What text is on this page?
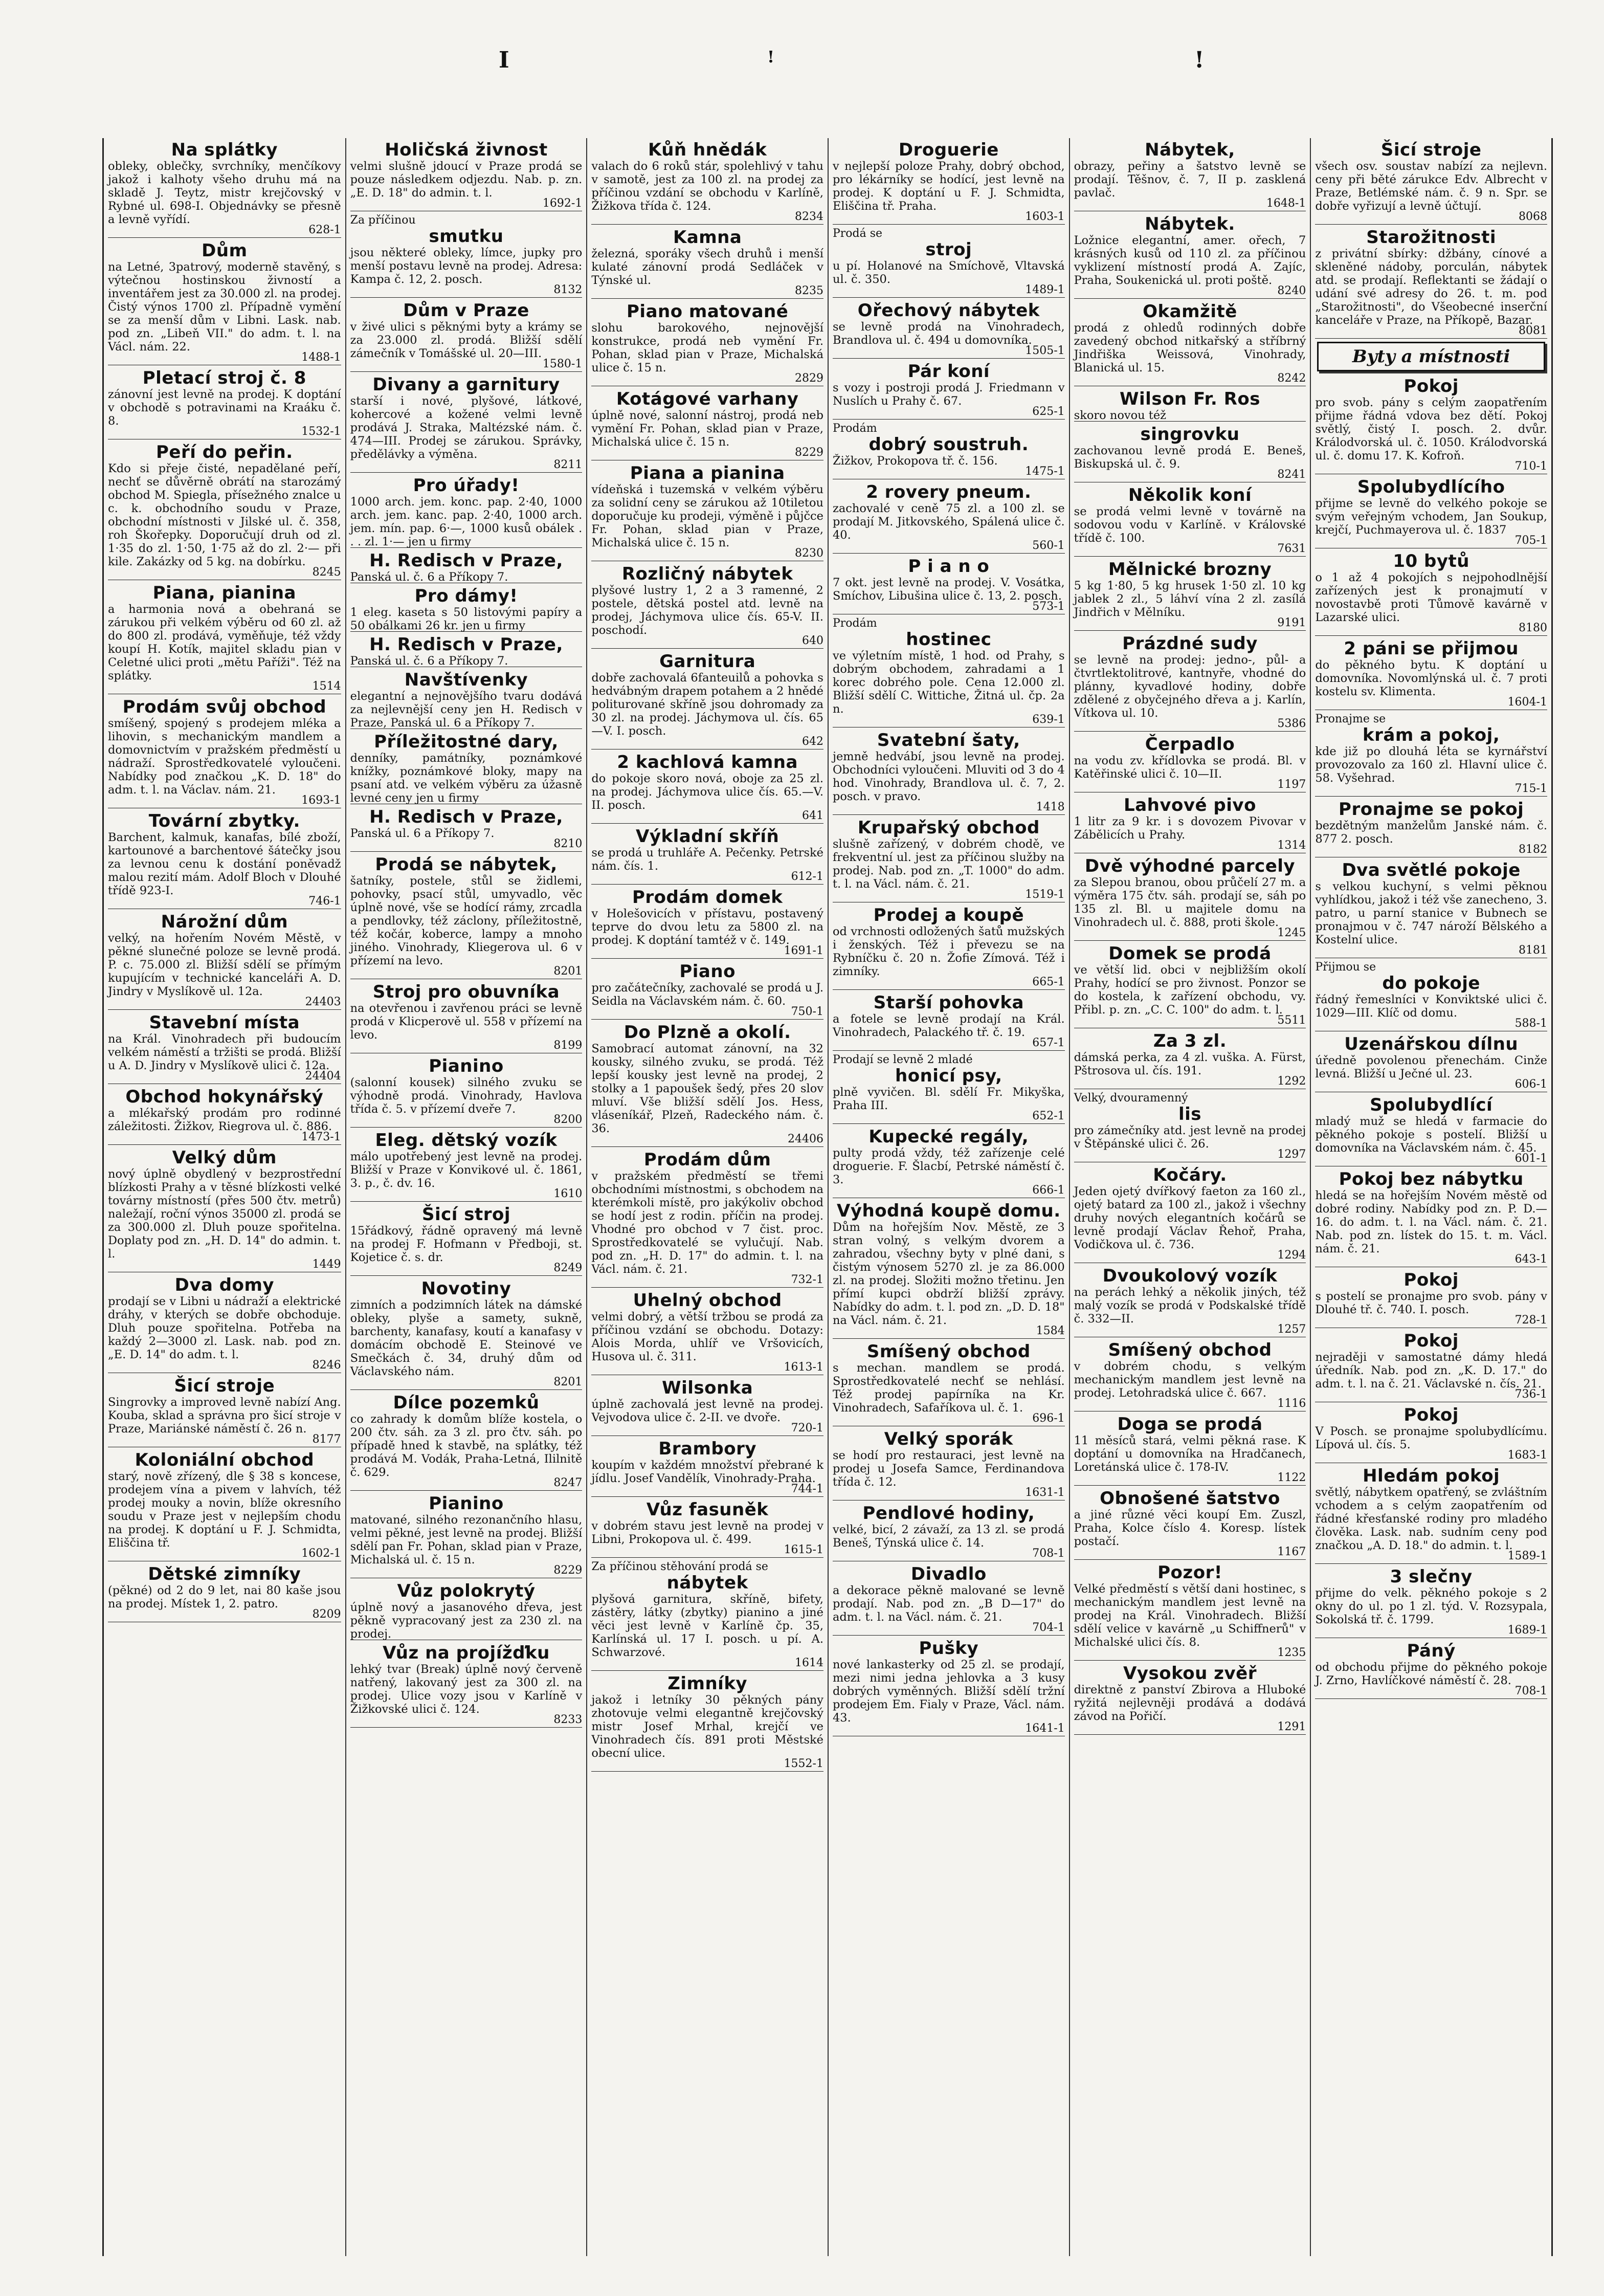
I	!	!
Na splátky
obleky, oblečky, svrchníky, menčíkovy jakož i kalhoty všeho druhu má na skladě J. Teytz, mistr krejčovský v Rybné ul. 698-I. Objednávky se přesně a levně vyřídí.
628-1
Dům
na Letné, 3patrový, moderně stavěný, s výtečnou hostinskou živností a inventářem jest za 30.000 zl. na prodej. Čistý výnos 1700 zl. Případně vymění se za menší dům v Libni. Lask. nab. pod zn. „Libeň VII." do adm. t. l. na Václ. nám. 22.
1488-1
Pletací stroj č. 8
zánovní jest levně na prodej. K doptání v obchodě s potravinami na Kraáku č. 8.
1532-1
Peří do peřin.
Kdo si přeje čisté, nepadělané peří, nechť se důvěrně obrátí na starozámý obchod M. Spiegla, přísežného znalce u c. k. obchodního soudu v Praze, obchodní místnosti v Jilské ul. č. 358, roh Škořepky. Doporučují druh od zl. 1·35 do zl. 1·50, 1·75 až do zl. 2·— při kile. Zakázky od 5 kg. na dobírku.
8245
Piana, pianina
a harmonia nová a obehraná se zárukou při velkém výběru od 60 zl. až do 800 zl. prodává, vyměňuje, též vždy koupí H. Kotík, majitel skladu pian v Celetné ulici proti „mětu Paříži". Též na splátky.
1514
Prodám svůj obchod
smíšený, spojený s prodejem mléka a lihovin, s mechanickým mandlem a domovnictvím v pražském předměstí u nádraží. Sprostředkovatelé vyloučeni. Nabídky pod značkou „K. D. 18" do adm. t. l. na Václav. nám. 21.
1693-1
Tovární zbytky.
Barchent, kalmuk, kanafas, bílé zboží, kartounové a barchentové šátečky jsou za levnou cenu k dostání poněvadž malou rezití mám. Adolf Bloch v Dlouhé třídě 923-I.
746-1
Nárožní dům
velký, na hořením Novém Městě, v pěkné slunečné poloze se levně prodá. P. c. 75.000 zl. Bližší sdělí se přímým kupujícím v technické kanceláři A. D. Jindry v Myslíkově ul. 12a.
24403
Stavební místa
na Král. Vinohradech při budoucím velkém náměstí a tržišti se prodá. Bližší u A. D. Jindry v Myslíkově ulici č. 12a.
24404
Obchod hokynářský
a mlékařský prodám pro rodinné záležitosti. Žižkov, Riegrova ul. č. 886.
1473-1
Velký dům
nový úplně obydlený v bezprostřední blízkosti Prahy a v těsné blízkosti velké továrny místností (přes 500 čtv. metrů) naležají, roční výnos 35000 zl. prodá se za 300.000 zl. Dluh pouze spořitelna. Doplaty pod zn. „H. D. 14" do admin. t. l.
1449
Dva domy
prodají se v Libni u nádraží a elektrické dráhy, v kterých se dobře obchoduje. Dluh pouze spořitelna. Potřeba na každý 2—3000 zl. Lask. nab. pod zn. „E. D. 14" do adm. t. l.
8246
Šicí stroje
Singrovky a improved levně nabízí Ang. Kouba, sklad a správna pro šicí stroje v Praze, Mariánské náměstí č. 26 n.
8177
Koloniální obchod
starý, nově zřízený, dle § 38 s koncese, prodejem vína a pivem v lahvích, též prodej mouky a novin, blíže okresního soudu v Praze jest v nejlepším chodu na prodej. K doptání u F. J. Schmidta, Eliščina tř.
1602-1
Dětské zimníky
(pěkné) od 2 do 9 let, nai 80 kaše jsou na prodej. Místek 1, 2. patro.
8209
Holičská živnost
velmi slušně jdoucí v Praze prodá se pouze následkem odjezdu. Nab. p. zn. „E. D. 18" do admin. t. l.
1692-1
Za příčinou
smutku
jsou některé obleky, límce, jupky pro menší postavu levně na prodej. Adresa: Kampa č. 12, 2. posch.
8132
Dům v Praze
v živé ulici s pěknými byty a krámy se za 23.000 zl. prodá. Bližší sdělí zámečník v Tomášské ul. 20—III.
1580-1
Divany a garnitury
starší i nové, plyšové, látkové, kohercové a kožené velmi levně prodává J. Straka, Maltézské nám. č. 474—III. Prodej se zárukou. Správky, předělávky a výměna.
8211
Pro úřady!
1000 arch. jem. konc. pap. 2·40, 1000 arch. jem. kanc. pap. 2·40, 1000 arch. jem. mín. pap. 6·—, 1000 kusů obálek . . . zl. 1·— jen u firmy
H. Redisch v Praze,
Panská ul. č. 6 a Příkopy 7.
Pro dámy!
1 eleg. kaseta s 50 listovými papíry a 50 obálkami 26 kr. jen u firmy
H. Redisch v Praze,
Panská ul. č. 6 a Příkopy 7.
Navštívenky
elegantní a nejnovějšího tvaru dodává za nejlevnější ceny jen H. Redisch v Praze, Panská ul. 6 a Příkopy 7.
Příležitostné dary,
denníky, památníky, poznámkové knížky, poznámkové bloky, mapy na psaní atd. ve velkém výběru za úžasně levné ceny jen u firmy
H. Redisch v Praze,
Panská ul. 6 a Příkopy 7.
8210
Prodá se nábytek,
šatníky, postele, stůl se židlemi, pohovky, psací stůl, umyvadlo, věc úplně nové, vše se hodící rámy, zrcadla a pendlovky, též záclony, příležitostně, též kočár, koberce, lampy a mnoho jiného. Vinohrady, Kliegerova ul. 6 v přízemí na levo.
8201
Stroj pro obuvníka
na otevřenou i zavřenou práci se levně prodá v Klicperově ul. 558 v přízemí na levo.
8199
Pianino
(salonní kousek) silného zvuku se výhodně prodá. Vinohrady, Havlova třída č. 5. v přízemí dveře 7.
8200
Eleg. dětský vozík
málo upotřebený jest levně na prodej. Bližší v Praze v Konvikové ul. č. 1861, 3. p., č. dv. 16.
1610
Šicí stroj
15řádkový, řádně opravený má levně na prodej F. Hofmann v Předboji, st. Kojetice č. s. dr.
8249
Novotiny
zimních a podzimních látek na dámské obleky, plyše a samety, sukně, barchenty, kanafasy, koutí a kanafasy v domácím obchodě E. Steinové ve Smečkách č. 34, druhý dům od Václavského nám.
8201
Dílce pozemků
co zahrady k domům blíže kostela, o 200 čtv. sáh. za 3 zl. pro čtv. sáh. po případě hned k stavbě, na splátky, též prodává M. Vodák, Praha-Letná, Ililnitě č. 629.
8247
Pianino
matované, silného rezonančního hlasu, velmi pěkné, jest levně na prodej. Bližší sdělí pan Fr. Pohan, sklad pian v Praze, Michalská ul. č. 15 n.
8229
Vůz polokrytý
úplně nový a jasanového dřeva, jest pěkně vypracovaný jest za 230 zl. na prodej.
Vůz na projížďku
lehký tvar (Break) úplně nový červeně natřený, lakovaný jest za 300 zl. na prodej. Ulice vozy jsou v Karlíně v Žižkovské ulici č. 124.
8233
Kůň hnědák
valach do 6 roků stár, spolehlivý v tahu v samotě, jest za 100 zl. na prodej za příčinou vzdání se obchodu v Karlíně, Žižkova třída č. 124.
8234
Kamna
železná, sporáky všech druhů i menší kulaté zánovní prodá Sedláček v Týnské ul.
8235
Piano matované
slohu barokového, nejnovější konstrukce, prodá neb vymění Fr. Pohan, sklad pian v Praze, Michalská ulice č. 15 n.
2829
Kotágové varhany
úplně nové, salonní nástroj, prodá neb vymění Fr. Pohan, sklad pian v Praze, Michalská ulice č. 15 n.
8229
Piana a pianina
vídeňská i tuzemská v velkém výběru za solidní ceny se zárukou až 10tiletou doporučuje ku prodeji, výměně i půjčce Fr. Pohan, sklad pian v Praze, Michalská ulice č. 15 n.
8230
Rozličný nábytek
plyšové lustry 1, 2 a 3 ramenné, 2 postele, dětská postel atd. levně na prodej, Jáchymova ulice čís. 65-V. II. poschodí.
640
Garnitura
dobře zachovalá 6fanteuilů a pohovka s hedvábným drapem potahem a 2 hnědé politurované skříně jsou dohromady za 30 zl. na prodej. Jáchymova ul. čís. 65—V. I. posch.
642
2 kachlová kamna
do pokoje skoro nová, oboje za 25 zl. na prodej. Jáchymova ulice čís. 65.—V. II. posch.
641
Výkladní skříň
se prodá u truhláře A. Pečenky. Petrské nám. čís. 1.
612-1
Prodám domek
v Holešovicích v přístavu, postavený teprve do dvou letu za 5800 zl. na prodej. K doptání tamtéž v č. 149.
1691-1
Piano
pro začátečníky, zachovalé se prodá u J. Seidla na Václavském nám. č. 60.
750-1
Do Plzně a okolí.
Samobrací automat zánovní, na 32 kousky, silného zvuku, se prodá. Též lepší kousky jest levně na prodej, 2 stolky a 1 papoušek šedý, přes 20 slov mluví. Vše bližší sdělí Jos. Hess, vláseníkář, Plzeň, Radeckého nám. č. 36.
24406
Prodám dům
v pražském předměstí se třemi obchodními místnostmi, s obchodem na kterémkoli místě, pro jakýkoliv obchod se hodí jest z rodin. příčin na prodej. Vhodné pro obchod v 7 čist. proc. Sprostředkovatelé se vylučují. Nab. pod zn. „H. D. 17" do admin. t. l. na Václ. nám. č. 21.
732-1
Uhelný obchod
velmi dobrý, a větší tržbou se prodá za příčinou vzdání se obchodu. Dotazy: Alois Morda, uhlíř ve Vršovicích, Husova ul. č. 311.
1613-1
Wilsonka
úplně zachovalá jest levně na prodej. Vejvodova ulice č. 2-II. ve dvoře.
720-1
Brambory
koupím v každém množství přebrané k jídlu. Josef Vandělík, Vinohrady-Praha.
744-1
Vůz fasuněk
v dobrém stavu jest levně na prodej v Libni, Prokopova ul. č. 499.
1615-1
Za příčinou stěhování prodá se
nábytek
plyšová garnitura, skříně, bifety, zástěry, látky (zbytky) pianino a jiné věci jest levně v Karlíně čp. 35, Karlínská ul. 17 I. posch. u pí. A. Schwarzové.
1614
Zimníky
jakož i letníky 30 pěkných pány zhotovuje velmi elegantně krejčovský mistr Josef Mrhal, krejčí ve Vinohradech čís. 891 proti Městské obecní ulice.
1552-1
Droguerie
v nejlepší poloze Prahy, dobrý obchod, pro lékárníky se hodící, jest levně na prodej. K doptání u F. J. Schmidta, Eliščina tř. Praha.
1603-1
Prodá se
stroj
u pí. Holanové na Smíchově, Vltavská ul. č. 350.
1489-1
Ořechový nábytek
se levně prodá na Vinohradech, Brandlova ul. č. 494 u domovníka.
1505-1
Pár koní
s vozy i postroji prodá J. Friedmann v Nuslích u Prahy č. 67.
625-1
Prodám
dobrý soustruh.
Žižkov, Prokopova tř. č. 156.
1475-1
2 rovery pneum.
zachovalé v ceně 75 zl. a 100 zl. se prodají M. Jitkovského, Spálená ulice č. 40.
560-1
P i a n o
7 okt. jest levně na prodej. V. Vosátka, Smíchov, Libušina ulice č. 13, 2. posch.
573-1
Prodám
hostinec
ve výletním místě, 1 hod. od Prahy, s dobrým obchodem, zahradami a 1 korec dobrého pole. Cena 12.000 zl. Bližší sdělí C. Wittiche, Žitná ul. čp. 2a n.
639-1
Svatební šaty,
jemně hedvábí, jsou levně na prodej. Obchodníci vyloučeni. Mluviti od 3 do 4 hod. Vinohrady, Brandlova ul. č. 7, 2. posch. v pravo.
1418
Krupařský obchod
slušně zařízený, v dobrém chodě, ve frekventní ul. jest za příčinou služby na prodej. Nab. pod zn. „T. 1000" do adm. t. l. na Václ. nám. č. 21.
1519-1
Prodej a koupě
od vrchnosti odložených šatů mužských i ženských. Též i převezu se na Rybníčku č. 20 n. Žofie Zímová. Též i zimníky.
665-1
Starší pohovka
a fotele se levně prodají na Král. Vinohradech, Palackého tř. č. 19.
657-1
Prodají se levně 2 mladé
honicí psy,
plně vyvičen. Bl. sdělí Fr. Mikyška, Praha III.
652-1
Kupecké regály,
pulty prodá vždy, též zařízenje celé droguerie. F. Šlacbí, Petrské náměstí č. 3.
666-1
Výhodná koupě domu.
Dům na hořejším Nov. Městě, ze 3 stran volný, s velkým dvorem a zahradou, všechny byty v plné dani, s čistým výnosem 5270 zl. je za 86.000 zl. na prodej. Složiti možno třetinu. Jen přímí kupci obdrží bližší zprávy. Nabídky do adm. t. l. pod zn. „D. D. 18" na Václ. nám. č. 21.
1584
Smíšený obchod
s mechan. mandlem se prodá. Sprostředkovatelé nechť se nehlásí. Též prodej papírníka na Kr. Vinohradech, Safaříkova ul. č. 1.
696-1
Velký sporák
se hodí pro restauraci, jest levně na prodej u Josefa Samce, Ferdinandova třída č. 12.
1631-1
Pendlové hodiny,
velké, bicí, 2 závaží, za 13 zl. se prodá Beneš, Týnská ulice č. 14.
708-1
Divadlo
a dekorace pěkně malované se levně prodají. Nab. pod zn. „B D—17" do adm. t. l. na Václ. nám. č. 21.
704-1
Pušky
nové lankasterky od 25 zl. se prodají, mezi nimi jedna jehlovka a 3 kusy dobrých vyměnných. Bližší sdělí tržní prodejem Em. Fialy v Praze, Václ. nám. 43.
1641-1
Nábytek,
obrazy, peřiny a šatstvo levně se prodají. Těšnov, č. 7, II p. zasklená pavlač.
1648-1
Nábytek.
Ložnice elegantní, amer. ořech, 7 krásných kusů od 110 zl. za příčinou vyklizení místností prodá A. Zajíc, Praha, Soukenická ul. proti poště.
8240
Okamžitě
prodá z ohledů rodinných dobře zavedený obchod nitkařský a stříbrný Jindřiška Weissová, Vinohrady, Blanická ul. 15.
8242
Wilson Fr. Ros
skoro novou též
singrovku
zachovanou levně prodá E. Beneš, Biskupská ul. č. 9.
8241
Několik koní
se prodá velmi levně v továrně na sodovou vodu v Karlíně. v Královské třídě č. 100.
7631
Mělnické brozny
5 kg 1·80, 5 kg hrusek 1·50 zl. 10 kg jablek 2 zl., 5 láhví vína 2 zl. zasílá Jindřich v Mělníku.
9191
Prázdné sudy
se levně na prodej: jedno-, půl- a čtvrtlektolitrové, kantnyře, vhodné do plánny, kyvadlové hodiny, dobře zdělené z obyčejného dřeva a j. Karlín, Vítkova ul. 10.
5386
Čerpadlo
na vodu zv. křídlovka se prodá. Bl. v Katěřinské ulici č. 10—II.
1197
Lahvové pivo
1 litr za 9 kr. i s dovozem Pivovar v Zábělicích u Prahy.
1314
Dvě výhodné parcely
za Slepou branou, obou průčelí 27 m. a výměra 175 čtv. sáh. prodají se, sáh po 135 zl. Bl. u majitele domu na Vinohradech ul. č. 888, proti škole.
1245
Domek se prodá
ve větší lid. obci v nejbližším okolí Prahy, hodící se pro živnost. Ponzor se do kostela, k zařízení obchodu, vy. Přibl. p. zn. „C. C. 100" do adm. t. l.
5511
Za 3 zl.
dámská perka, za 4 zl. vuška. A. Fürst, Pštrosova ul. čís. 191.
1292
Velký, dvouramenný
lis
pro zámečníky atd. jest levně na prodej v Štěpánské ulici č. 26.
1297
Kočáry.
Jeden ojetý dvířkový faeton za 160 zl., ojetý batard za 100 zl., jakož i všechny druhy nových elegantních kočárů se levně prodají Václav Řehoř, Praha, Vodičkova ul. č. 736.
1294
Dvoukolový vozík
na perách lehký a několik jiných, též malý vozík se prodá v Podskalské třídě č. 332—II.
1257
Smíšený obchod
v dobrém chodu, s velkým mechanickým mandlem jest levně na prodej. Letohradská ulice č. 667.
1116
Doga se prodá
11 měsíců stará, velmi pěkná rase. K doptání u domovníka na Hradčanech, Loretánská ulice č. 178-IV.
1122
Obnošené šatstvo
a jiné různé věci koupí Em. Zuszl, Praha, Kolce číslo 4. Koresp. lístek postačí.
1167
Pozor!
Velké předměstí s větší dani hostinec, s mechanickým mandlem jest levně na prodej na Král. Vinohradech. Bližší sdělí velice v kavárně „u Schiffnerů" v Michalské ulici čís. 8.
1235
Vysokou zvěř
direktně z panství Zbirova a Hluboké ryžitá nejlevněji prodává a dodává závod na Pořičí.
1291
Šicí stroje
všech osv. soustav nabízí za nejlevn. ceny při běté zárukce Edv. Albrecht v Praze, Betlémské nám. č. 9 n. Spr. se dobře vyřizují a levně účtují.
8068
Starožitnosti
z privátní sbírky: džbány, cínové a skleněné nádoby, porculán, nábytek atd. se prodají. Reflektanti se žádají o udání své adresy do 26. t. m. pod „Starožitnosti", do Všeobecné inserční kanceláře v Praze, na Příkopě, Bazar.
8081
Byty a místnosti
Pokoj
pro svob. pány s celým zaopatřením přijme řádná vdova bez dětí. Pokoj světlý, čistý I. posch. 2. dvůr. Králodvorská ul. č. 1050. Králodvorská ul. č. domu 17. K. Kofroň.
710-1
Spolubydlícího
přijme se levně do velkého pokoje se svým veřejným vchodem, Jan Soukup, krejčí, Puchmayerova ul. č. 1837
705-1
10 bytů
o 1 až 4 pokojích s nejpohodlnější zařízených jest k pronajmutí v novostavbě proti Tůmově kavárně v Lazarské ulici.
8180
2 páni se přijmou
do pěkného bytu. K doptání u domovníka. Novomlýnská ul. č. 7 proti kostelu sv. Klimenta.
1604-1
Pronajme se
krám a pokoj,
kde již po dlouhá léta se kyrnářství provozovalo za 160 zl. Hlavní ulice č. 58. Vyšehrad.
715-1
Pronajme se pokoj
bezdětným manželům Janské nám. č. 877 2. posch.
8182
Dva světlé pokoje
s velkou kuchyní, s velmi pěknou vyhlídkou, jakož i též vše zanecheno, 3. patro, u parní stanice v Bubnech se pronajmou v č. 747 nároží Bělského a Kostelní ulice.
8181
Přijmou se
do pokoje
řádný řemeslníci v Konviktské ulici č. 1029—III. Klíč od domu.
588-1
Uzenářskou dílnu
úředně povolenou přenechám. Cinže levná. Bližší u Ječné ul. 23.
606-1
Spolubydlící
mladý muž se hledá v farmacie do pěkného pokoje s postelí. Bližší u domovníka na Václavském nám. č. 45.
601-1
Pokoj bez nábytku
hledá se na hořejším Novém městě od dobré rodiny. Nabídky pod zn. P. D.—16. do adm. t. l. na Václ. nám. č. 21. Nab. pod zn. lístek do 15. t. m. Václ. nám. č. 21.
643-1
Pokoj
s postelí se pronajme pro svob. pány v Dlouhé tř. č. 740. I. posch.
728-1
Pokoj
nejraději v samostatné dámy hledá úředník. Nab. pod zn. „K. D. 17." do adm. t. l. na č. 21. Václavské n. čís. 21.
736-1
Pokoj
V Posch. se pronajme spolubydlícímu. Lípová ul. čís. 5.
1683-1
Hledám pokoj
světlý, nábytkem opatřený, se zvláštním vchodem a s celým zaopatřením od řádné křesťanské rodiny pro mladého člověka. Lask. nab. sudním ceny pod značkou „A. D. 18." do admin. t. l.
1589-1
3 slečny
přijme do velk. pěkného pokoje s 2 okny do ul. po 1 zl. týd. V. Rozsypala, Sokolská tř. č. 1799.
1689-1
Páný
od obchodu přijme do pěkného pokoje J. Zrno, Havlíčkové náměstí č. 28.
708-1
